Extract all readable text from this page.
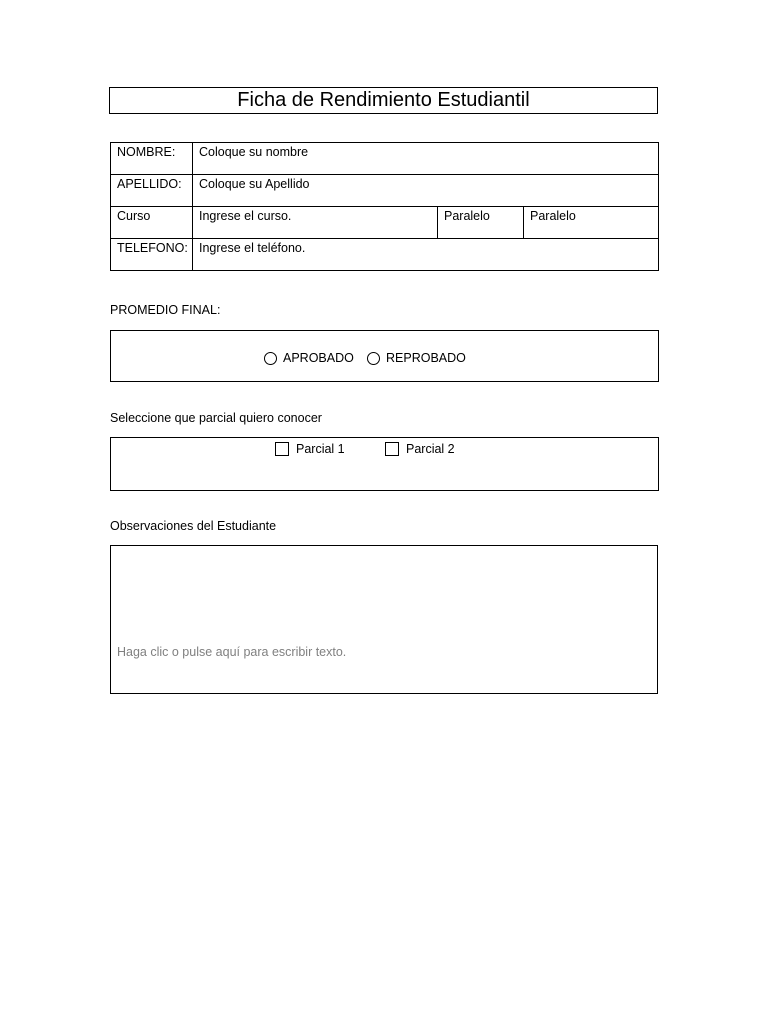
Ficha de Rendimiento Estudiantil
NOMBRE:	Coloque su nombre		
APELLIDO:	Coloque su Apellido		
Curso	Ingrese el curso.	Paralelo	Paralelo
TELEFONO:	Ingrese el teléfono.		
PROMEDIO FINAL:
APROBADO	REPROBADO
Seleccione que parcial quiero conocer
Parcial 1	Parcial 2
Observaciones del Estudiante
Haga clic o pulse aquí para escribir texto.
